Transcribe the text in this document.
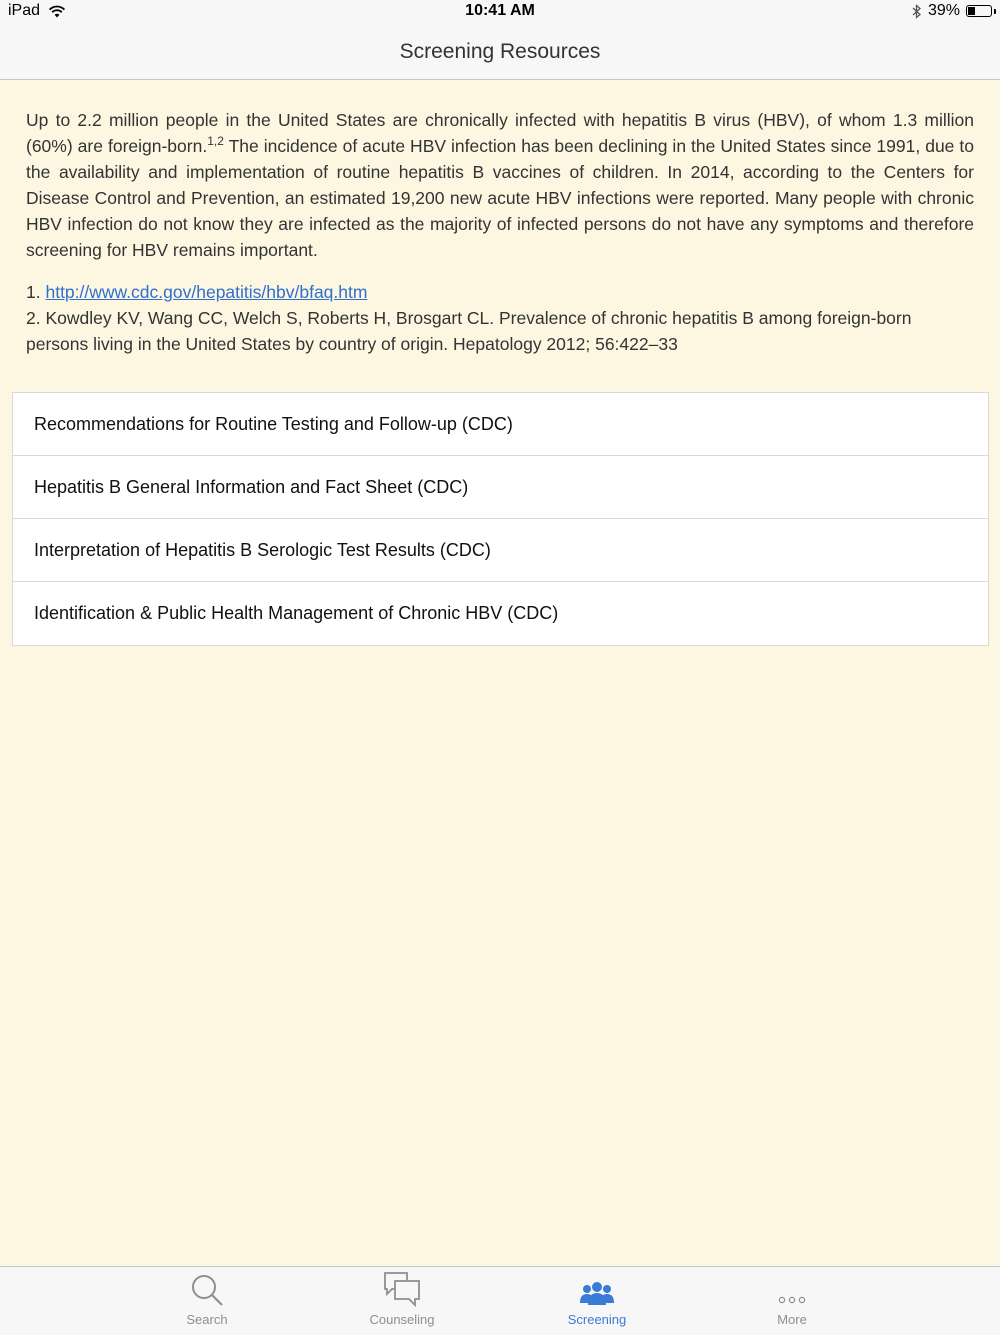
iPad	10:41 AM	39%
Screening Resources
Up to 2.2 million people in the United States are chronically infected with hepatitis B virus (HBV), of whom 1.3 million (60%) are foreign-born.$^{1,2}$ The incidence of acute HBV infection has been declining in the United States since 1991, due to the availability and implementation of routine hepatitis B vaccines of children. In 2014, according to the Centers for Disease Control and Prevention, an estimated 19,200 new acute HBV infections were reported. Many people with chronic HBV infection do not know they are infected as the majority of infected persons do not have any symptoms and therefore screening for HBV remains important.
1. http://www.cdc.gov/hepatitis/hbv/bfaq.htm
2. Kowdley KV, Wang CC, Welch S, Roberts H, Brosgart CL. Prevalence of chronic hepatitis B among foreign-born persons living in the United States by country of origin. Hepatology 2012; 56:422–33
Recommendations for Routine Testing and Follow-up (CDC)
Hepatitis B General Information and Fact Sheet (CDC)
Interpretation of Hepatitis B Serologic Test Results (CDC)
Identification & Public Health Management of Chronic HBV (CDC)
Search	Counseling	Screening	More
